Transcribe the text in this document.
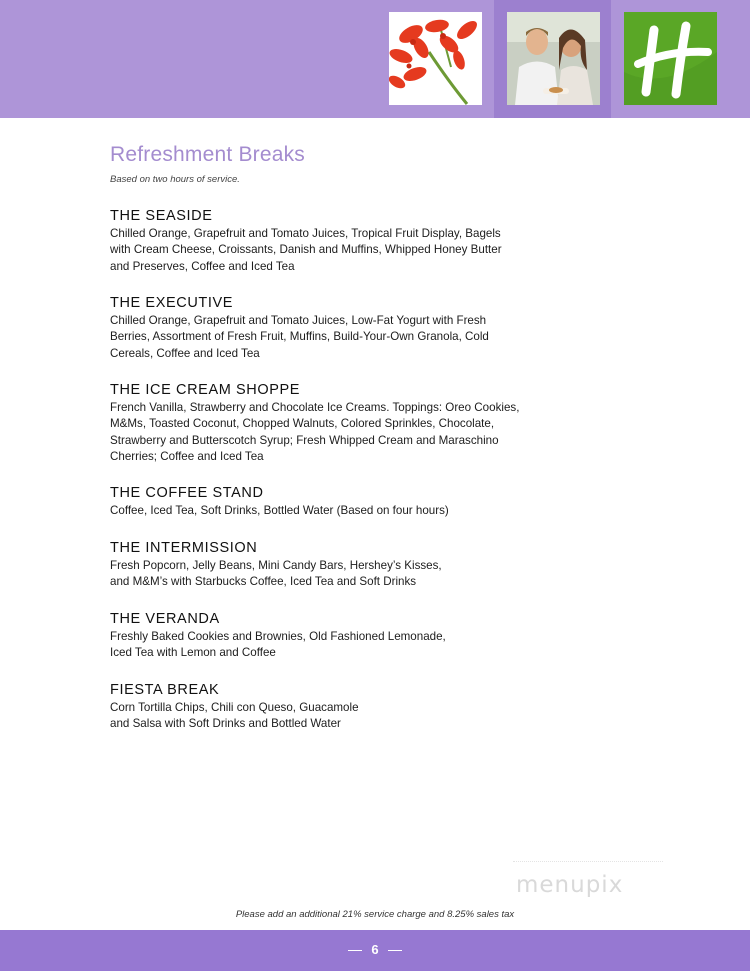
Refreshment Breaks
Based on two hours of service.
THE SEASIDE
Chilled Orange, Grapefruit and Tomato Juices, Tropical Fruit Display, Bagels
with Cream Cheese, Croissants, Danish and Muffins, Whipped Honey Butter
and Preserves, Coffee and Iced Tea
THE EXECUTIVE
Chilled Orange, Grapefruit and Tomato Juices, Low-Fat Yogurt with Fresh
Berries, Assortment of Fresh Fruit, Muffins, Build-Your-Own Granola, Cold
Cereals, Coffee and Iced Tea
THE ICE CREAM SHOPPE
French Vanilla, Strawberry and Chocolate Ice Creams. Toppings: Oreo Cookies,
M&Ms, Toasted Coconut, Chopped Walnuts, Colored Sprinkles, Chocolate,
Strawberry and Butterscotch Syrup; Fresh Whipped Cream and Maraschino
Cherries; Coffee and Iced Tea
THE COFFEE STAND
Coffee, Iced Tea, Soft Drinks, Bottled Water (Based on four hours)
THE INTERMISSION
Fresh Popcorn, Jelly Beans, Mini Candy Bars, Hershey’s Kisses,
and M&M’s with Starbucks Coffee, Iced Tea and Soft Drinks
THE VERANDA
Freshly Baked Cookies and Brownies, Old Fashioned Lemonade,
Iced Tea with Lemon and Coffee
FIESTA BREAK
Corn Tortilla Chips, Chili con Queso, Guacamole
and Salsa with Soft Drinks and Bottled Water
menupix
Please add an additional 21% service charge and 8.25% sales tax
6
